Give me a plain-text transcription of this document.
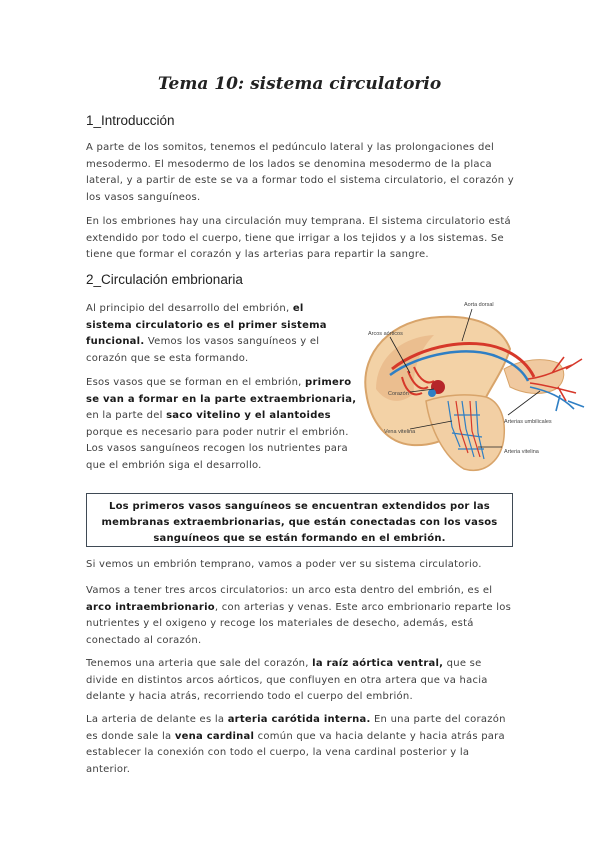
Tema 10: sistema circulatorio
1_Introducción

A parte de los somitos, tenemos el pedúnculo lateral y las prolongaciones del mesodermo. El mesodermo de los lados se denomina mesodermo de la placa lateral, y a partir de este se va a formar todo el sistema circulatorio, el corazón y los vasos sanguíneos.

En los embriones hay una circulación muy temprana. El sistema circulatorio está extendido por todo el cuerpo, tiene que irrigar a los tejidos y a los sistemas. Se tiene que formar el corazón y las arterias para repartir la sangre.

2_Circulación embrionaria

Al principio del desarrollo del embrión, el sistema circulatorio es el primer sistema funcional. Vemos los vasos sanguíneos y el corazón que se esta formando.

Esos vasos que se forman en el embrión, primero se van a formar en la parte extraembrionaria, en la parte del saco vitelino y el alantoides porque es necesario para poder nutrir el embrión. Los vasos sanguíneos recogen los nutrientes para que el embrión siga el desarrollo.

Aorta dorsal
Arcos aórticos
Corazón
Vena vitelina
Arterias umbilicales
Arteria vitelina
Los primeros vasos sanguíneos se encuentran extendidos por las membranas extraembrionarias, que están conectadas con los vasos sanguíneos que se están formando en el embrión.

Si vemos un embrión temprano, vamos a poder ver su sistema circulatorio.

Vamos a tener tres arcos circulatorios: un arco esta dentro del embrión, es el arco intraembrionario, con arterias y venas. Este arco embrionario reparte los nutrientes y el oxigeno y recoge los materiales de desecho, además, está conectado al corazón.

Tenemos una arteria que sale del corazón, la raíz aórtica ventral, que se divide en distintos arcos aórticos, que confluyen en otra artera que va hacia delante y hacia atrás, recorriendo todo el cuerpo del embrión.

La arteria de delante es la arteria carótida interna. En una parte del corazón es donde sale la vena cardinal común que va hacia delante y hacia atrás para establecer la conexión con todo el cuerpo, la vena cardinal posterior y la anterior.
